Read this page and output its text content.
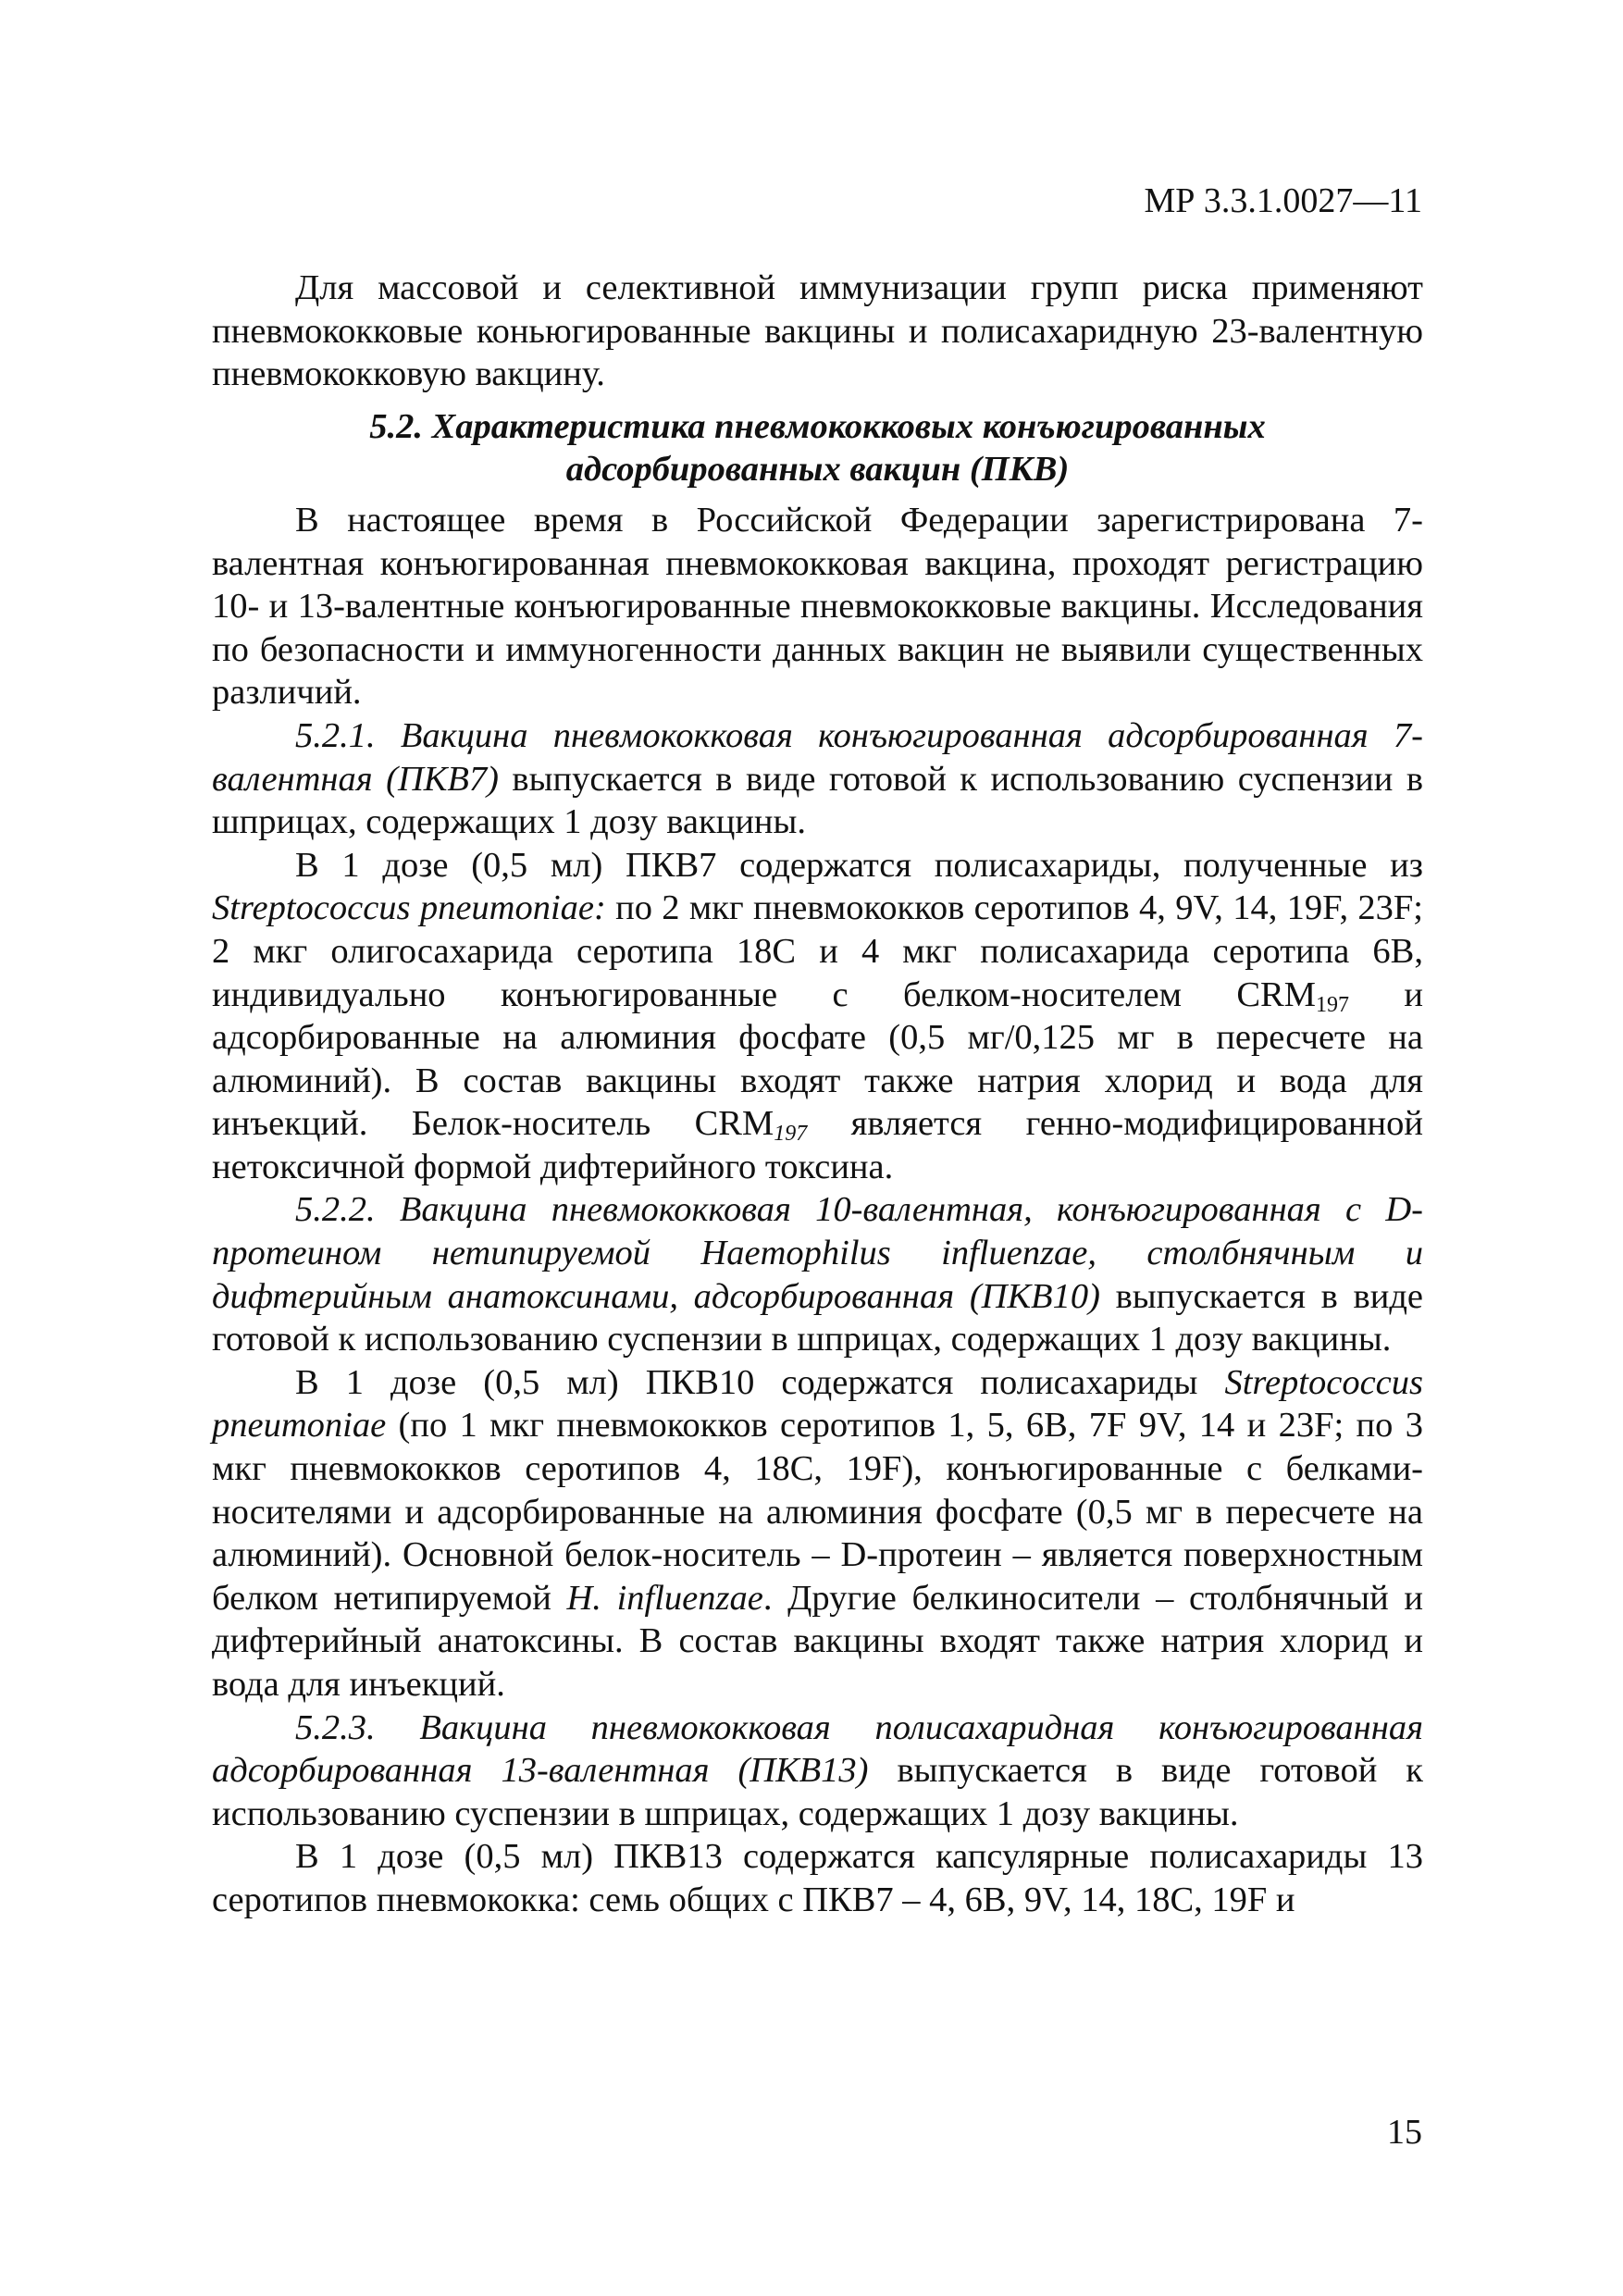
МР 3.3.1.0027—11

Для массовой и селективной иммунизации групп риска применяют пневмококковые коньюгированные вакцины и полисахаридную 23-валентную пневмококковую вакцину.

5.2. Характеристика пневмококковых конъюгированных
адсорбированных вакцин (ПКВ)

В настоящее время в Российской Федерации зарегистрирована 7-валентная конъюгированная пневмококковая вакцина, проходят регистрацию 10- и 13-валентные конъюгированные пневмококковые вакцины. Исследования по безопасности и иммуногенности данных вакцин не выявили существенных различий.

5.2.1. Вакцина пневмококковая конъюгированная адсорбированная 7-валентная (ПКВ7) выпускается в виде готовой к использованию суспензии в шприцах, содержащих 1 дозу вакцины.

В 1 дозе (0,5 мл) ПКВ7 содержатся полисахариды, полученные из Streptococcus pneumoniae: по 2 мкг пневмококков серотипов 4, 9V, 14, 19F, 23F; 2 мкг олигосахарида серотипа 18С и 4 мкг полисахарида серотипа 6В, индивидуально конъюгированные с белком-носителем $CRM_{197}$ и адсорбированные на алюминия фосфате (0,5 мг/0,125 мг в пересчете на алюминий). В состав вакцины входят также натрия хлорид и вода для инъекций. Белок-носитель $CRM_{197}$ является генно-модифицированной нетоксичной формой дифтерийного токсина.

5.2.2. Вакцина пневмококковая 10-валентная, конъюгированная с D-протеином нетипируемой Haemophilus influenzae, столбнячным и дифтерийным анатоксинами, адсорбированная (ПКВ10) выпускается в виде готовой к использованию суспензии в шприцах, содержащих 1 дозу вакцины.

В 1 дозе (0,5 мл) ПКВ10 содержатся полисахариды Streptococcus pneumoniae (по 1 мкг пневмококков серотипов 1, 5, 6В, 7F 9V, 14 и 23F; по 3 мкг пневмококков серотипов 4, 18С, 19F), конъюгированные с белками-носителями и адсорбированные на алюминия фосфате (0,5 мг в пересчете на алюминий). Основной белок-носитель – D-протеин – является поверхностным белком нетипируемой H. influenzae. Другие белкиносители – столбнячный и дифтерийный анатоксины. В состав вакцины входят также натрия хлорид и вода для инъекций.

5.2.3. Вакцина пневмококковая полисахаридная конъюгированная адсорбированная 13-валентная (ПКВ13) выпускается в виде готовой к использованию суспензии в шприцах, содержащих 1 дозу вакцины.

В 1 дозе (0,5 мл) ПКВ13 содержатся капсулярные полисахариды 13 серотипов пневмококка: семь общих с ПКВ7 – 4, 6В, 9V, 14, 18С, 19F и

15
